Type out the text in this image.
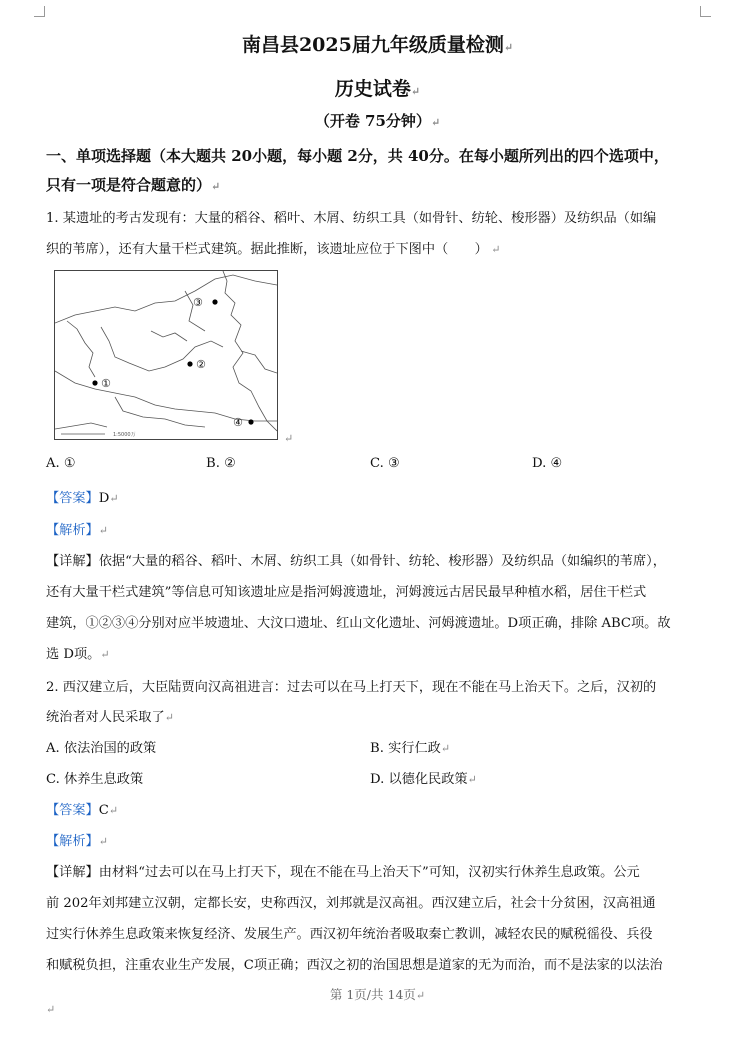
南昌县2025届九年级质量检测↵
历史试卷↵
（开卷 75分钟）↵
一、单项选择题（本大题共 20小题，每小题 2分，共 40分。在每小题所列出的四个选项中，
只有一项是符合题意的）↵
1. 某遗址的考古发现有：大量的稻谷、稻叶、木屑、纺织工具（如骨针、纺轮、梭形器）及纺织品（如编
织的苇席），还有大量干栏式建筑。据此推断，该遗址应位于下图中（　　） ↵
③
②
①
④
1:5000万	↵
A. ①	B. ②	C. ③	D. ④
【答案】D↵
【解析】↵
【详解】依据“大量的稻谷、稻叶、木屑、纺织工具（如骨针、纺轮、梭形器）及纺织品（如编织的苇席），
还有大量干栏式建筑”等信息可知该遗址应是指河姆渡遗址，河姆渡远古居民最早种植水稻，居住干栏式
建筑，①②③④分别对应半坡遗址、大汶口遗址、红山文化遗址、河姆渡遗址。D项正确，排除 ABC项。故
选 D项。↵
2. 西汉建立后，大臣陆贾向汉高祖进言：过去可以在马上打天下，现在不能在马上治天下。之后，汉初的
统治者对人民采取了↵
A. 依法治国的政策	B. 实行仁政↵
C. 休养生息政策	D. 以德化民政策↵
【答案】C↵
【解析】↵
【详解】由材料“过去可以在马上打天下，现在不能在马上治天下”可知，汉初实行休养生息政策。公元
前 202年刘邦建立汉朝，定都长安，史称西汉，刘邦就是汉高祖。西汉建立后，社会十分贫困，汉高祖通
过实行休养生息政策来恢复经济、发展生产。西汉初年统治者吸取秦亡教训，减轻农民的赋税徭役、兵役
和赋税负担，注重农业生产发展，C项正确；西汉之初的治国思想是道家的无为而治，而不是法家的以法治
第 1页/共 14页↵
↵
